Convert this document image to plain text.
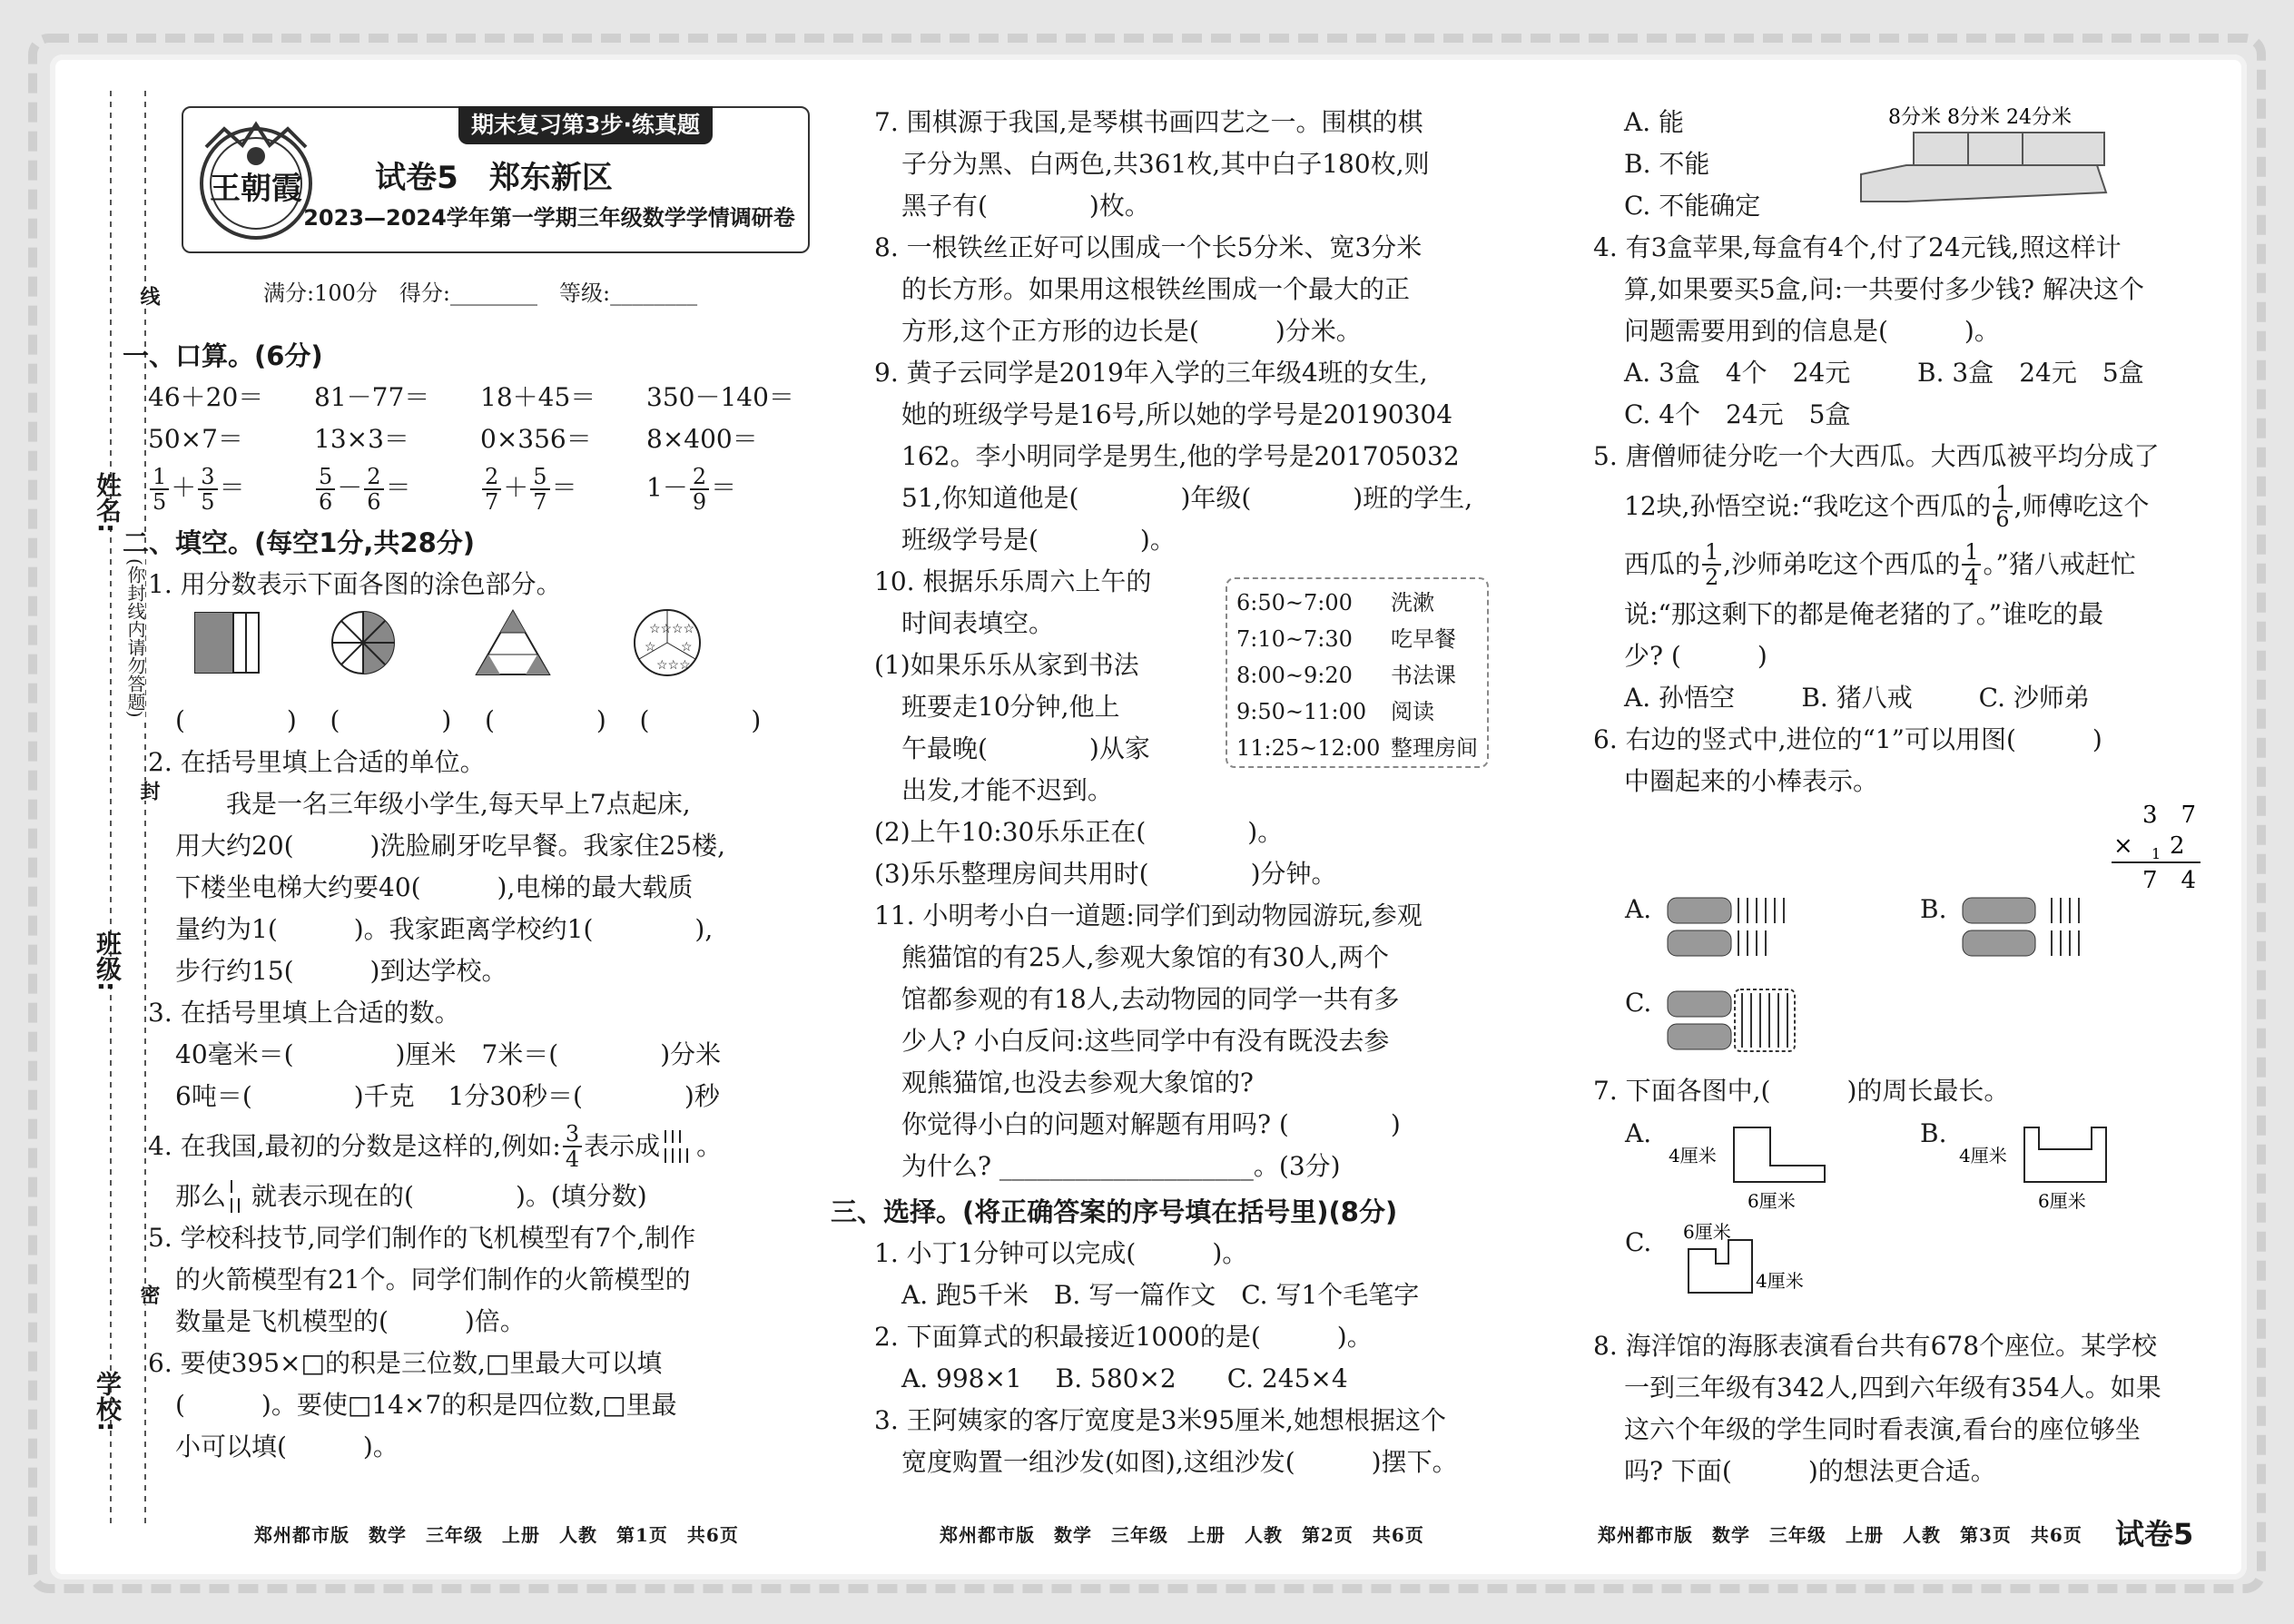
姓名:
班级:
学校:
线
封
密
(你封线内请勿答题)
王朝霞
期末复习第3步·练真题
试卷5　郑东新区
2023—2024学年第一学期三年级数学学情调研卷
满分:100分　得分:________　等级:________
一、口算。(6分)
46＋20＝	81－77＝	18＋45＝	350－140＝
50×7＝	13×3＝	0×356＝	8×400＝
$\frac{1}{5} + \frac{3}{5}$ ＝	$\frac{5}{6} - \frac{2}{6}$ ＝	$\frac{2}{7} + \frac{5}{7}$ ＝	$1- \frac{2}{9}$ ＝
二、填空。(每空1分,共28分)
1. 用分数表示下面各图的涂色部分。
☆☆ ☆☆
☆ ☆
☆☆☆
(　　　　)	(　　　　)	(　　　　)	(　　　　)
2. 在括号里填上合适的单位。
我是一名三年级小学生,每天早上7点起床,
用大约20(　　　)洗脸刷牙吃早餐。我家住25楼,
下楼坐电梯大约要40(　　　),电梯的最大载质
量约为1(　　　)。我家距离学校约1(　　　　),
步行约15(　　　)到达学校。
3. 在括号里填上合适的数。
40毫米＝(　　　　)厘米　7米＝(　　　　)分米
6吨＝(　　　　)千克　 1分30秒＝(　　　　)秒
4. 在我国,最初的分数是这样的,例如: $\frac{3}{4}$ 表示成 。
那么 就表示现在的(　　　　)。(填分数)
5. 学校科技节,同学们制作的飞机模型有7个,制作
的火箭模型有21个。同学们制作的火箭模型的
数量是飞机模型的(　　　)倍。
6. 要使395×□的积是三位数,□里最大可以填
(　　　)。要使□14×7的积是四位数,□里最
小可以填(　　　)。
郑州都市版　数学　三年级　上册　人教　第1页　共6页
7. 围棋源于我国,是琴棋书画四艺之一。围棋的棋
子分为黑、白两色,共361枚,其中白子180枚,则
黑子有(　　　　)枚。
8. 一根铁丝正好可以围成一个长5分米、宽3分米
的长方形。如果用这根铁丝围成一个最大的正
方形,这个正方形的边长是(　　　)分米。
9. 黄子云同学是2019年入学的三年级4班的女生,
她的班级学号是16号,所以她的学号是20190304
162。李小明同学是男生,他的学号是201705032
51,你知道他是(　　　　)年级(　　　　)班的学生,
班级学号是(　　　　)。
10. 根据乐乐周六上午的
时间表填空。
(1)如果乐乐从家到书法
班要走10分钟,他上
午最晚(　　　　)从家
出发,才能不迟到。
(2)上午10:30乐乐正在(　　　　)。
(3)乐乐整理房间共用时(　　　　)分钟。
11. 小明考小白一道题:同学们到动物园游玩,参观
熊猫馆的有25人,参观大象馆的有30人,两个
馆都参观的有18人,去动物园的同学一共有多
少人? 小白反问:这些同学中有没有既没去参
观熊猫馆,也没去参观大象馆的?
你觉得小白的问题对解题有用吗? (　　　　)
为什么? ____________________。(3分)
三、选择。(将正确答案的序号填在括号里)(8分)
1. 小丁1分钟可以完成(　　　)。
A. 跑5千米　B. 写一篇作文　C. 写1个毛笔字
2. 下面算式的积最接近1000的是(　　　)。
A. 998×1　 B. 580×2　　C. 245×4
3. 王阿姨家的客厅宽度是3米95厘米,她想根据这个
宽度购置一组沙发(如图),这组沙发(　　　)摆下。
6:50~7:00	洗漱
7:10~7:30	吃早餐
8:00~9:20	书法课
9:50~11:00	阅读
11:25~12:00 整理房间
郑州都市版　数学　三年级　上册　人教　第2页　共6页
A. 能
B. 不能
C. 不能确定
4. 有3盒苹果,每盒有4个,付了24元钱,照这样计
算,如果要买5盒,问:一共要付多少钱? 解决这个
问题需要用到的信息是(　　　)。
A. 3盒　4个　24元	B. 3盒　24元　5盒
C. 4个　24元　5盒
5. 唐僧师徒分吃一个大西瓜。大西瓜被平均分成了
12块,孙悟空说:“我吃这个西瓜的 $\frac{1}{6}$ ,师傅吃这个
西瓜的 $\frac{1}{2}$ ,沙师弟吃这个西瓜的 $\frac{1}{4}$ 。”猪八戒赶忙
说:“那这剩下的都是俺老猪的了。”谁吃的最
少? (　　　)
A. 孙悟空	B. 猪八戒	C. 沙师弟
6. 右边的竖式中,进位的“1”可以用图(　　　)
中圈起来的小棒表示。
8分米 8分米 24分米
3　7
× 1 2
7　4
A.	B.
C.
7. 下面各图中,(　　　)的周长最长。
A.	B.
C.
4厘米
6厘米
4厘米
6厘米
6厘米
4厘米
8. 海洋馆的海豚表演看台共有678个座位。某学校
一到三年级有342人,四到六年级有354人。如果
这六个年级的学生同时看表演,看台的座位够坐
吗? 下面(　　　)的想法更合适。
郑州都市版　数学　三年级　上册　人教　第3页　共6页 试卷5
